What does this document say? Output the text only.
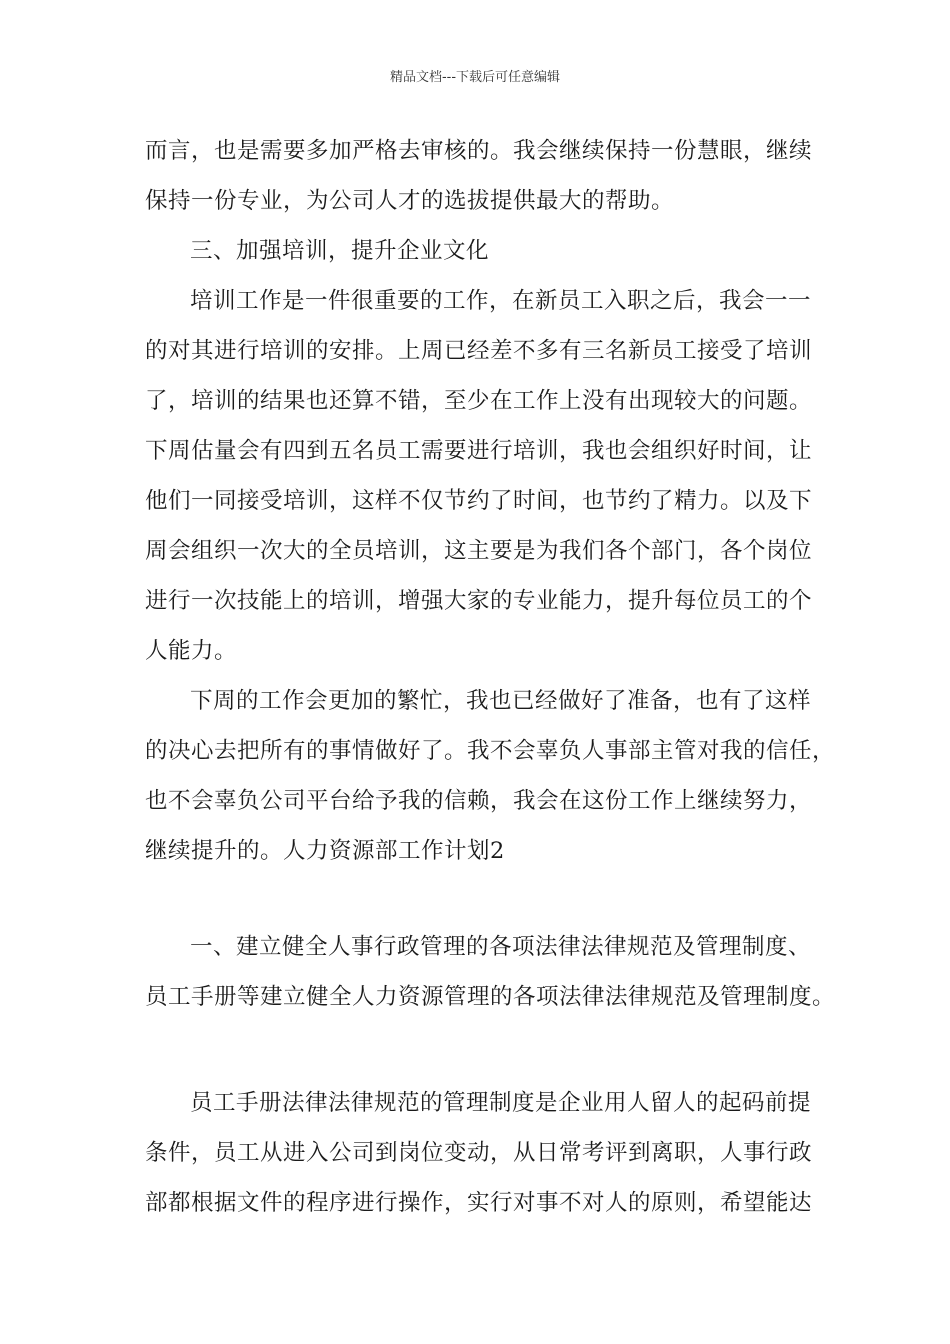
精品文档---下载后可任意编辑
而言，也是需要多加严格去审核的。我会继续保持一份慧眼，继续
保持一份专业，为公司人才的选拔提供最大的帮助。
三、加强培训，提升企业文化
培训工作是一件很重要的工作，在新员工入职之后，我会一一
的对其进行培训的安排。上周已经差不多有三名新员工接受了培训
了，培训的结果也还算不错，至少在工作上没有出现较大的问题。
下周估量会有四到五名员工需要进行培训，我也会组织好时间，让
他们一同接受培训，这样不仅节约了时间，也节约了精力。以及下
周会组织一次大的全员培训，这主要是为我们各个部门，各个岗位
进行一次技能上的培训，增强大家的专业能力，提升每位员工的个
人能力。
下周的工作会更加的繁忙，我也已经做好了准备，也有了这样
的决心去把所有的事情做好了。我不会辜负人事部主管对我的信任，
也不会辜负公司平台给予我的信赖，我会在这份工作上继续努力，
继续提升的。人力资源部工作计划2
一、建立健全人事行政管理的各项法律法律规范及管理制度、
员工手册等建立健全人力资源管理的各项法律法律规范及管理制度。
员工手册法律法律规范的管理制度是企业用人留人的起码前提
条件，员工从进入公司到岗位变动，从日常考评到离职，人事行政
部都根据文件的程序进行操作，实行对事不对人的原则，希望能达
